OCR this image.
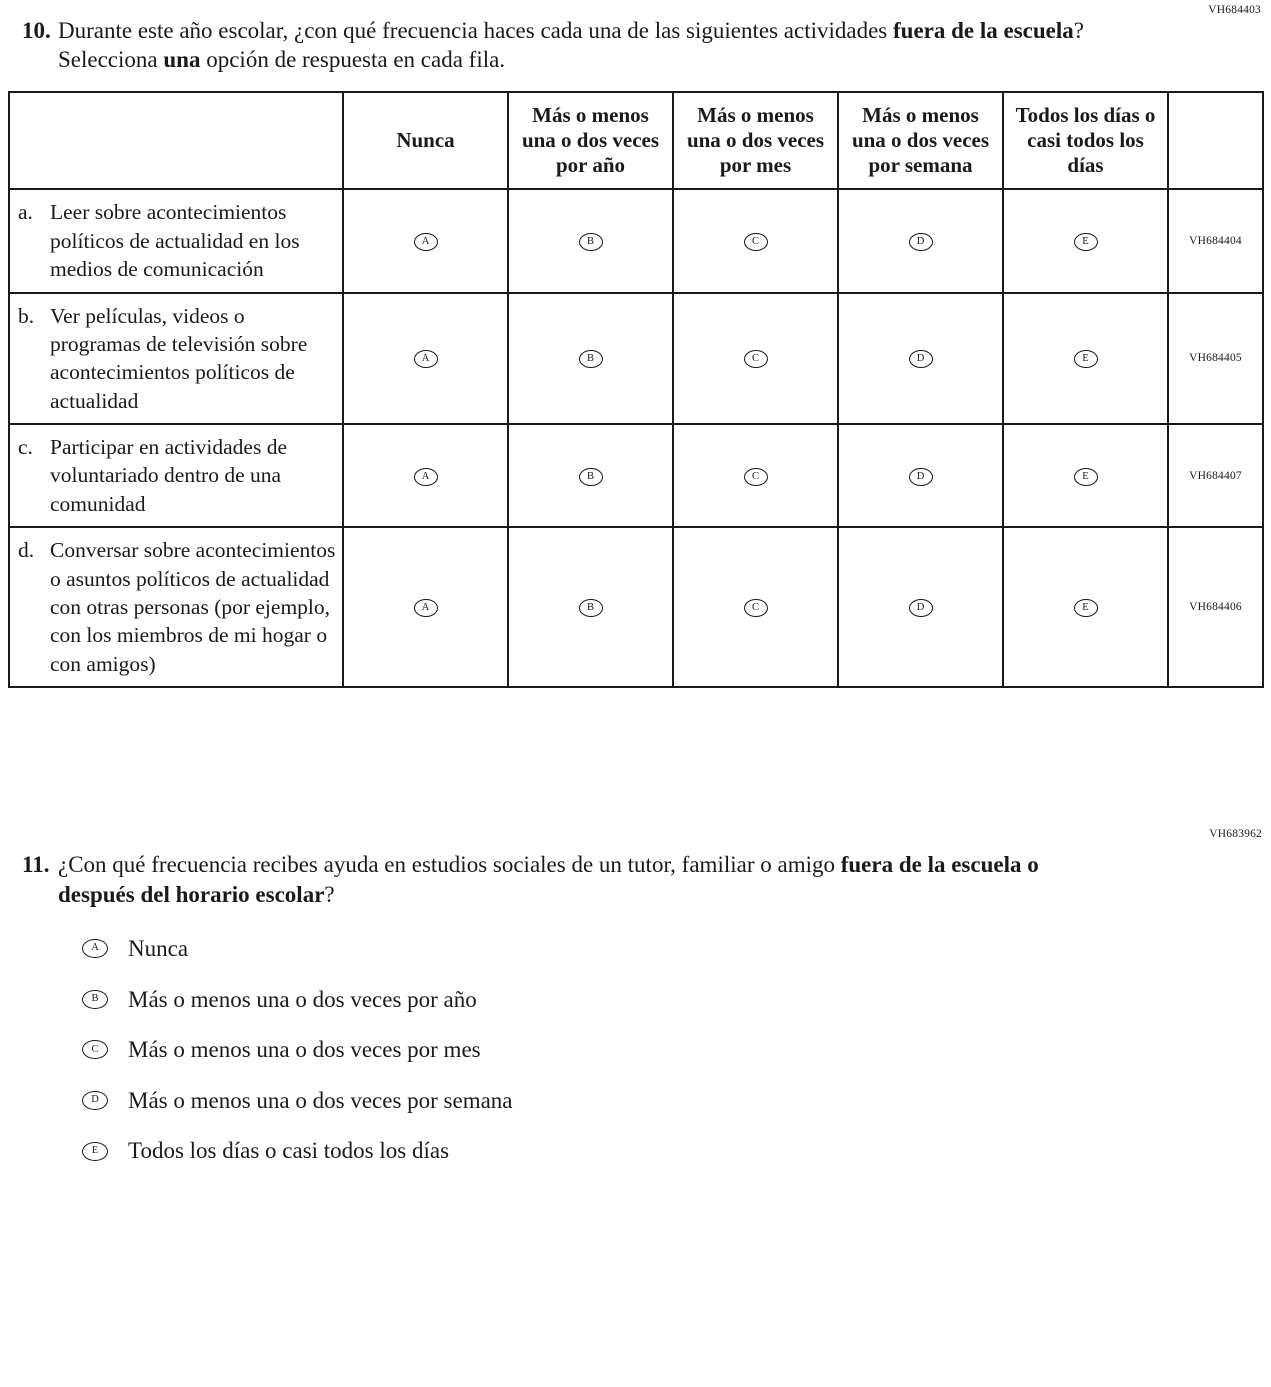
VH684403
10. Durante este año escolar, ¿con qué frecuencia haces cada una de las siguientes actividades fuera de la escuela? Selecciona una opción de respuesta en cada fila.
	Nunca	Más o menos una o dos veces por año	Más o menos una o dos veces por mes	Más o menos una o dos veces por semana	Todos los días o casi todos los días	

a. Leer sobre acontecimientos políticos de actualidad en los medios de comunicación	A	B	C	D	E	VH684404

b. Ver películas, videos o programas de televisión sobre acontecimientos políticos de actualidad	A	B	C	D	E	VH684405

c. Participar en actividades de voluntariado dentro de una comunidad	A	B	C	D	E	VH684407

d. Conversar sobre acontecimientos o asuntos políticos de actualidad con otras personas (por ejemplo, con los miembros de mi hogar o con amigos)	A	B	C	D	E	VH684406
VH683962
11. ¿Con qué frecuencia recibes ayuda en estudios sociales de un tutor, familiar o amigo fuera de la escuela o después del horario escolar?
A	Nunca
B	Más o menos una o dos veces por año
C	Más o menos una o dos veces por mes
D	Más o menos una o dos veces por semana
E	Todos los días o casi todos los días
